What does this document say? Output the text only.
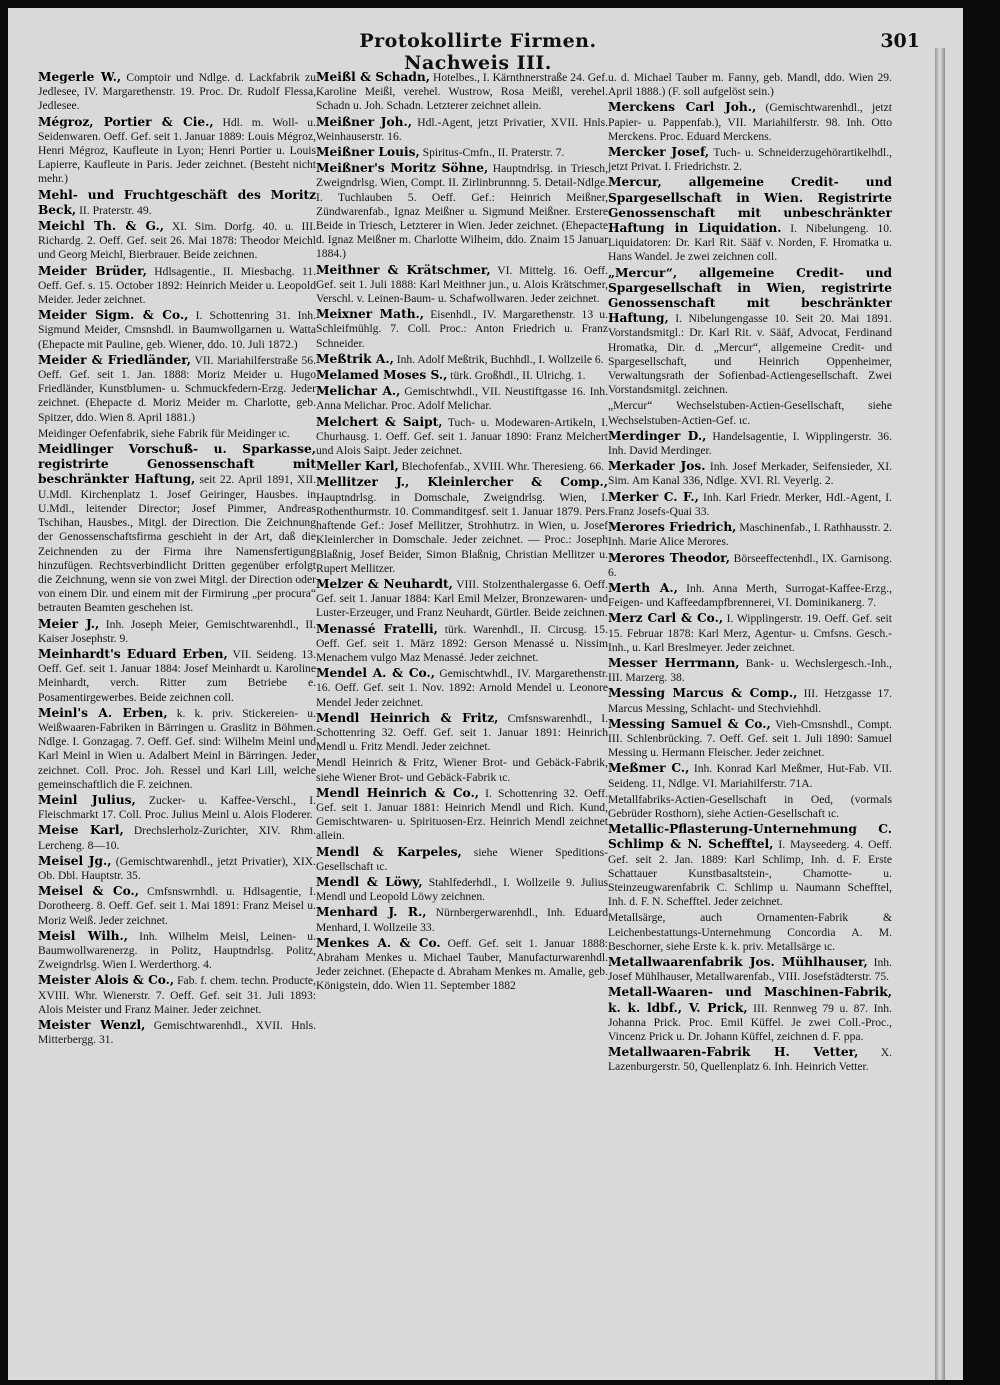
Protokollirte Firmen. Nachweis III.
301
Megerle W., Comptoir und Ndlge. d. Lackfabrik zu Jedlesee, IV. Margarethenstr. 19. Proc. Dr. Rudolf Flessa, Jedlesee.
Mégroz, Portier & Cie., Hdl. m. Woll- u. Seidenwaren. Oeff. Gef. seit 1. Januar 1889: Louis Mégroz, Henri Mégroz, Kaufleute in Lyon; Henri Portier u. Louis Lapierre, Kaufleute in Paris. Jeder zeichnet. (Besteht nicht mehr.)
Mehl- und Fruchtgeschäft des Moritz Beck, II. Praterstr. 49.
Meichl Th. & G., XI. Sim. Dorfg. 40. u. III. Richardg. 2. Oeff. Gef. seit 26. Mai 1878: Theodor Meichl und Georg Meichl, Bierbrauer. Beide zeichnen.
Meider Brüder, Hdlsagentie., II. Miesbachg. 11. Oeff. Gef. s. 15. October 1892: Heinrich Meider u. Leopold Meider. Jeder zeichnet.
Meider Sigm. & Co., I. Schottenring 31. Inh. Sigmund Meider, Cmsnshdl. in Baumwollgarnen u. Watta (Ehepacte mit Pauline, geb. Wiener, ddo. 10. Juli 1872.)
Meider & Friedländer, VII. Mariahilferstraße 56. Oeff. Gef. seit 1. Jan. 1888: Moriz Meider u. Hugo Friedländer, Kunstblumen- u. Schmuckfedern-Erzg. Jeder zeichnet. (Ehepacte d. Moriz Meider m. Charlotte, geb. Spitzer, ddo. Wien 8. April 1881.)
Meidinger Oefenfabrik, siehe Fabrik für Meidinger ɩc.
Meidlinger Vorschuß- u. Sparkasse, registrirte Genossenschaft mit beschränkter Haftung, seit 22. April 1891, XII. U.Mdl. Kirchenplatz 1. Josef Geiringer, Hausbes. in U.Mdl., leitender Director; Josef Pimmer, Andreas Tschihan, Hausbes., Mitgl. der Direction. Die Zeichnung der Genossenschaftsfirma geschieht in der Art, daß die Zeichnenden zu der Firma ihre Namensfertigung hinzufügen. Rechtsverbindlicht Dritten gegenüber erfolgt die Zeichnung, wenn sie von zwei Mitgl. der Direction oder von einem Dir. und einem mit der Firmirung „per procura“ betrauten Beamten geschehen ist.
Meier J., Inh. Joseph Meier, Gemischtwarenhdl., II. Kaiser Josephstr. 9.
Meinhardt's Eduard Erben, VII. Seideng. 13. Oeff. Gef. seit 1. Januar 1884: Josef Meinhardt u. Karoline Meinhardt, verch. Ritter zum Betriebe e. Posamentirgewerbes. Beide zeichnen coll.
Meinl's A. Erben, k. k. priv. Stickereien- u. Weißwaaren-Fabriken in Bärringen u. Graslitz in Böhmen. Ndlge. I. Gonzagag. 7. Oeff. Gef. sind: Wilhelm Meinl und Karl Meinl in Wien u. Adalbert Meinl in Bärringen. Jeder zeichnet. Coll. Proc. Joh. Ressel und Karl Lill, welche gemeinschaftlich die F. zeichnen.
Meinl Julius, Zucker- u. Kaffee-Verschl., I. Fleischmarkt 17. Coll. Proc. Julius Meinl u. Alois Floderer.
Meise Karl, Drechslerholz-Zurichter, XIV. Rhm. Lercheng. 8—10.
Meisel Jg., (Gemischtwarenhdl., jetzt Privatier), XIX. Ob. Dbl. Hauptstr. 35.
Meisel & Co., Cmfsnswrnhdl. u. Hdlsagentie, I. Dorotheerg. 8. Oeff. Gef. seit 1. Mai 1891: Franz Meisel u. Moriz Weiß. Jeder zeichnet.
Meisl Wilh., Inh. Wilhelm Meisl, Leinen- u. Baumwollwarenerzg. in Politz, Hauptndrlsg. Politz, Zweigndrlsg. Wien I. Werderthorg. 4.
Meister Alois & Co., Fab. f. chem. techn. Producte, XVIII. Whr. Wienerstr. 7. Oeff. Gef. seit 31. Juli 1893: Alois Meister und Franz Mainer. Jeder zeichnet.
Meister Wenzl, Gemischtwarenhdl., XVII. Hnls. Mitterbergg. 31.
Meißl & Schadn, Hotelbes., I. Kärnthnerstraße 24. Gef. Karoline Meißl, verehel. Wustrow, Rosa Meißl, verehel. Schadn u. Joh. Schadn. Letzterer zeichnet allein.
Meißner Joh., Hdl.-Agent, jetzt Privatier, XVII. Hnls. Weinhauserstr. 16.
Meißner Louis, Spiritus-Cmfn., II. Praterstr. 7.
Meißner's Moritz Söhne, Hauptndrlsg. in Triesch, Zweigndrlsg. Wien, Compt. II. Zirlinbrunnng. 5. Detail-Ndlge. I. Tuchlauben 5. Oeff. Gef.: Heinrich Meißner, Zündwarenfab., Ignaz Meißner u. Sigmund Meißner. Erstere Beide in Triesch, Letzterer in Wien. Jeder zeichnet. (Ehepacte d. Ignaz Meißner m. Charlotte Wilheim, ddo. Znaim 15 Januar 1884.)
Meithner & Krätschmer, VI. Mittelg. 16. Oeff. Gef. seit 1. Juli 1888: Karl Meithner jun., u. Alois Krätschmer, Verschl. v. Leinen-Baum- u. Schafwollwaren. Jeder zeichnet.
Meixner Math., Eisenhdl., IV. Margarethenstr. 13 u. Schleifmühlg. 7. Coll. Proc.: Anton Friedrich u. Franz Schneider.
Meßtrik A., Inh. Adolf Meßtrik, Buchhdl., I. Wollzeile 6.
Melamed Moses S., türk. Großhdl., II. Ulrichg. 1.
Melichar A., Gemischtwhdl., VII. Neustiftgasse 16. Inh. Anna Melichar. Proc. Adolf Melichar.
Melchert & Saipt, Tuch- u. Modewaren-Artikeln, I. Churhausg. 1. Oeff. Gef. seit 1. Januar 1890: Franz Melchert und Alois Saipt. Jeder zeichnet.
Meller Karl, Blechofenfab., XVIII. Whr. Theresieng. 66.
Mellitzer J., Kleinlercher & Comp., Hauptndrlsg. in Domschale, Zweigndrlsg. Wien, I. Rothenthurmstr. 10. Commanditgesf. seit 1. Januar 1879. Pers. haftende Gef.: Josef Mellitzer, Strohhutrz. in Wien, u. Josef Kleinlercher in Domschale. Jeder zeichnet. — Proc.: Joseph Blaßnig, Josef Beider, Simon Blaßnig, Christian Mellitzer u. Rupert Mellitzer.
Melzer & Neuhardt, VIII. Stolzenthalergasse 6. Oeff. Gef. seit 1. Januar 1884: Karl Emil Melzer, Bronzewaren- und Luster-Erzeuger, und Franz Neuhardt, Gürtler. Beide zeichnen.
Menassé Fratelli, türk. Warenhdl., II. Circusg. 15. Oeff. Gef. seit 1. März 1892: Gerson Menassé u. Nissim Menachem vulgo Maz Menassé. Jeder zeichnet.
Mendel A. & Co., Gemischtwhdl., IV. Margarethenstr. 16. Oeff. Gef. seit 1. Nov. 1892: Arnold Mendel u. Leonore Mendel Jeder zeichnet.
Mendl Heinrich & Fritz, Cmfsnswarenhdl., I. Schottenring 32. Oeff. Gef. seit 1. Januar 1891: Heinrich Mendl u. Fritz Mendl. Jeder zeichnet.
Mendl Heinrich & Fritz, Wiener Brot- und Gebäck-Fabrik, siehe Wiener Brot- und Gebäck-Fabrik ɩc.
Mendl Heinrich & Co., I. Schottenring 32. Oeff. Gef. seit 1. Januar 1881: Heinrich Mendl und Rich. Kund, Gemischtwaren- u. Spirituosen-Erz. Heinrich Mendl zeichnet allein.
Mendl & Karpeles, siehe Wiener Speditions-Gesellschaft ɩc.
Mendl & Löwy, Stahlfederhdl., I. Wollzeile 9. Julius Mendl und Leopold Löwy zeichnen.
Menhard J. R., Nürnbergerwarenhdl., Inh. Eduard Menhard, I. Wollzeile 33.
Menkes A. & Co. Oeff. Gef. seit 1. Januar 1888: Abraham Menkes u. Michael Tauber, Manufacturwarenhdl. Jeder zeichnet. (Ehepacte d. Abraham Menkes m. Amalie, geb. Königstein, ddo. Wien 11. September 1882
u. d. Michael Tauber m. Fanny, geb. Mandl, ddo. Wien 29. April 1888.) (F. soll aufgelöst sein.)
Merckens Carl Joh., (Gemischtwarenhdl., jetzt Papier- u. Pappenfab.), VII. Mariahilferstr. 98. Inh. Otto Merckens. Proc. Eduard Merckens.
Mercker Josef, Tuch- u. Schneiderzugehörartikelhdl., jetzt Privat. I. Friedrichstr. 2.
Mercur, allgemeine Credit- und Spargesellschaft in Wien. Registrirte Genossenschaft mit unbeschränkter Haftung in Liquidation. I. Nibelungeng. 10. Liquidatoren: Dr. Karl Rit. Sääf v. Norden, F. Hromatka u. Hans Wandel. Je zwei zeichnen coll.
„Mercur“, allgemeine Credit- und Spargesellschaft in Wien, registrirte Genossenschaft mit beschränkter Haftung, I. Nibelungengasse 10. Seit 20. Mai 1891. Vorstandsmitgl.: Dr. Karl Rit. v. Sääf, Advocat, Ferdinand Hromatka, Dir. d. „Mercur“, allgemeine Credit- und Spargesellschaft, und Heinrich Oppenheimer, Verwaltungsrath der Sofienbad-Actiengesellschaft. Zwei Vorstandsmitgl. zeichnen.
„Mercur“ Wechselstuben-Actien-Gesellschaft, siehe Wechselstuben-Actien-Gef. ɩc.
Merdinger D., Handelsagentie, I. Wipplingerstr. 36. Inh. David Merdinger.
Merkader Jos. Inh. Josef Merkader, Seifensieder, XI. Sim. Am Kanal 336, Ndlge. XVI. Rl. Veyerlg. 2.
Merker C. F., Inh. Karl Friedr. Merker, Hdl.-Agent, I. Franz Josefs-Quai 33.
Merores Friedrich, Maschinenfab., I. Rathhausstr. 2. Inh. Marie Alice Merores.
Merores Theodor, Börseeffectenhdl., IX. Garnisong. 6.
Merth A., Inh. Anna Merth, Surrogat-Kaffee-Erzg., Feigen- und Kaffeedampfbrennerei, VI. Dominikanerg. 7.
Merz Carl & Co., I. Wipplingerstr. 19. Oeff. Gef. seit 15. Februar 1878: Karl Merz, Agentur- u. Cmfsns. Gesch.-Inh., u. Karl Breslmeyer. Jeder zeichnet.
Messer Herrmann, Bank- u. Wechslergesch.-Inh., III. Marzerg. 38.
Messing Marcus & Comp., III. Hetzgasse 17. Marcus Messing, Schlacht- und Stechviehhdl.
Messing Samuel & Co., Vieh-Cmsnshdl., Compt. III. Schlenbrücking. 7. Oeff. Gef. seit 1. Juli 1890: Samuel Messing u. Hermann Fleischer. Jeder zeichnet.
Meßmer C., Inh. Konrad Karl Meßmer, Hut-Fab. VII. Seideng. 11, Ndlge. VI. Mariahilferstr. 71A.
Metallfabriks-Actien-Gesellschaft in Oed, (vormals Gebrüder Rosthorn), siehe Actien-Gesellschaft ɩc.
Metallic-Pflasterung-Unternehmung C. Schlimp & N. Schefftel, I. Mayseederg. 4. Oeff. Gef. seit 2. Jan. 1889: Karl Schlimp, Inh. d. F. Erste Schattauer Kunstbasaltstein-, Chamotte- u. Steinzeugwarenfabrik C. Schlimp u. Naumann Schefftel, Inh. d. F. N. Schefftel. Jeder zeichnet.
Metallsärge, auch Ornamenten-Fabrik & Leichenbestattungs-Unternehmung Concordia A. M. Beschorner, siehe Erste k. k. priv. Metallsärge ɩc.
Metallwaarenfabrik Jos. Mühlhauser, Inh. Josef Mühlhauser, Metallwarenfab., VIII. Josefstädterstr. 75.
Metall-Waaren- und Maschinen-Fabrik, k. k. ldbf., V. Prick, III. Rennweg 79 u. 87. Inh. Johanna Prick. Proc. Emil Küffel. Je zwei Coll.-Proc., Vincenz Prick u. Dr. Johann Küffel, zeichnen d. F. ppa.
Metallwaaren-Fabrik H. Vetter, X. Lazenburgerstr. 50, Quellenplatz 6. Inh. Heinrich Vetter.
